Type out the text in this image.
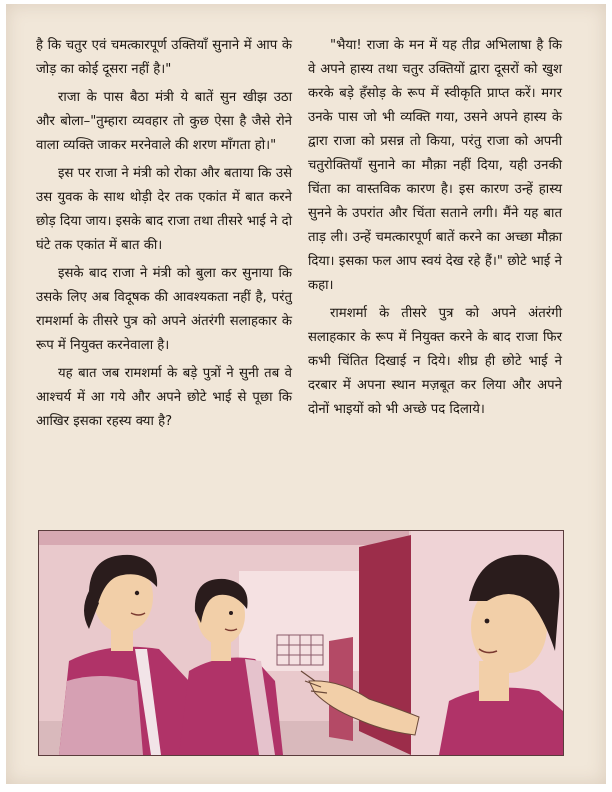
है कि चतुर एवं चमत्कारपूर्ण उक्तियाँ सुनाने में आप के जोड़ का कोई दूसरा नहीं है।"

राजा के पास बैठा मंत्री ये बातें सुन खीझ उठा और बोला–"तुम्हारा व्यवहार तो कुछ ऐसा है जैसे रोने वाला व्यक्ति जाकर मरनेवाले की शरण माँगता हो।"

इस पर राजा ने मंत्री को रोका और बताया कि उसे उस युवक के साथ थोड़ी देर तक एकांत में बात करने छोड़ दिया जाय। इसके बाद राजा तथा तीसरे भाई ने दो घंटे तक एकांत में बात की।

इसके बाद राजा ने मंत्री को बुला कर सुनाया कि उसके लिए अब विदूषक की आवश्यकता नहीं है, परंतु रामशर्मा के तीसरे पुत्र को अपने अंतरंगी सलाहकार के रूप में नियुक्त करनेवाला है।

यह बात जब रामशर्मा के बड़े पुत्रों ने सुनी तब वे आश्चर्य में आ गये और अपने छोटे भाई से पूछा कि आखिर इसका रहस्य क्या है?

"भैया! राजा के मन में यह तीव्र अभिलाषा है कि वे अपने हास्य तथा चतुर उक्तियों द्वारा दूसरों को खुश करके बड़े हँसोड़ के रूप में स्वीकृति प्राप्त करें। मगर उनके पास जो भी व्यक्ति गया, उसने अपने हास्य के द्वारा राजा को प्रसन्न तो किया, परंतु राजा को अपनी चतुरोक्तियाँ सुनाने का मौक़ा नहीं दिया, यही उनकी चिंता का वास्तविक कारण है। इस कारण उन्हें हास्य सुनने के उपरांत और चिंता सताने लगी। मैंने यह बात ताड़ ली। उन्हें चमत्कारपूर्ण बातें करने का अच्छा मौक़ा दिया। इसका फल आप स्वयं देख रहे हैं।" छोटे भाई ने कहा।

रामशर्मा के तीसरे पुत्र को अपने अंतरंगी सलाहकार के रूप में नियुक्त करने के बाद राजा फिर कभी चिंतित दिखाई न दिये। शीघ्र ही छोटे भाई ने दरबार में अपना स्थान मज़बूत कर लिया और अपने दोनों भाइयों को भी अच्छे पद दिलाये।
